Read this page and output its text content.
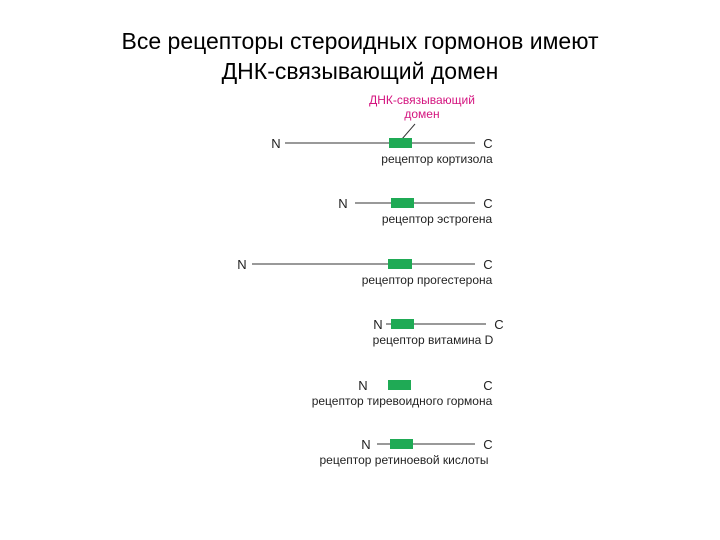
Все рецепторы стероидных гормонов имеют
ДНК-связывающий домен
ДНК-связывающий
домен
N	C
рецептор кортизола
N	C
рецептор эстрогена
N	C
рецептор прогестерона
N	C
рецептор витамина D
N	C
рецептор тиревоидного гормона
N	C
рецептор ретиноевой кислоты
